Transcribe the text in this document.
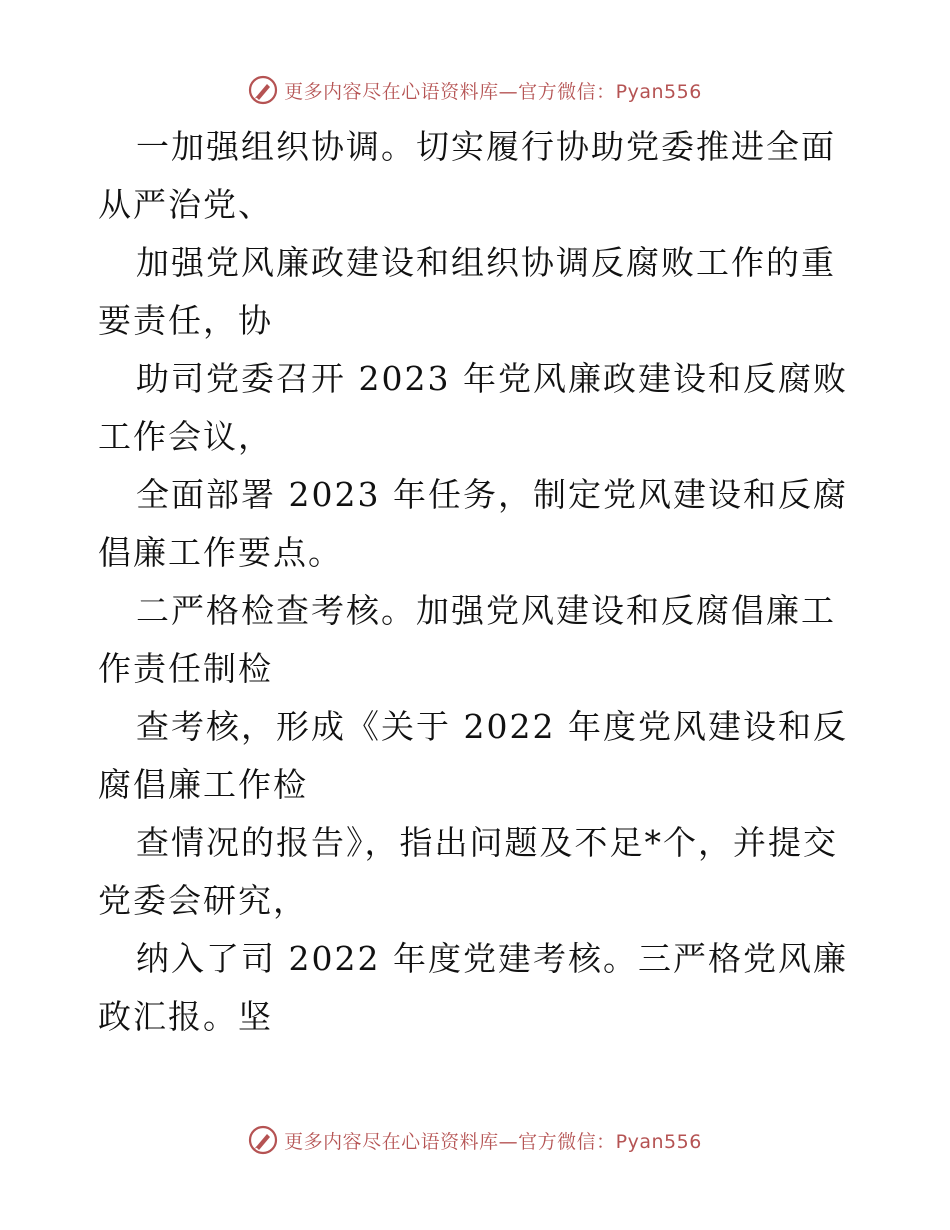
更多内容尽在心语资料库—官方微信：Pyan556

一加强组织协调。切实履行协助党委推进全面从严治党、

加强党风廉政建设和组织协调反腐败工作的重要责任，协

助司党委召开 2023 年党风廉政建设和反腐败工作会议，

全面部署 2023 年任务，制定党风建设和反腐倡廉工作要点。

二严格检查考核。加强党风建设和反腐倡廉工作责任制检

查考核，形成《关于 2022 年度党风建设和反腐倡廉工作检

查情况的报告》，指出问题及不足*个，并提交党委会研究，

纳入了司 2022 年度党建考核。三严格党风廉政汇报。坚

更多内容尽在心语资料库—官方微信：Pyan556
